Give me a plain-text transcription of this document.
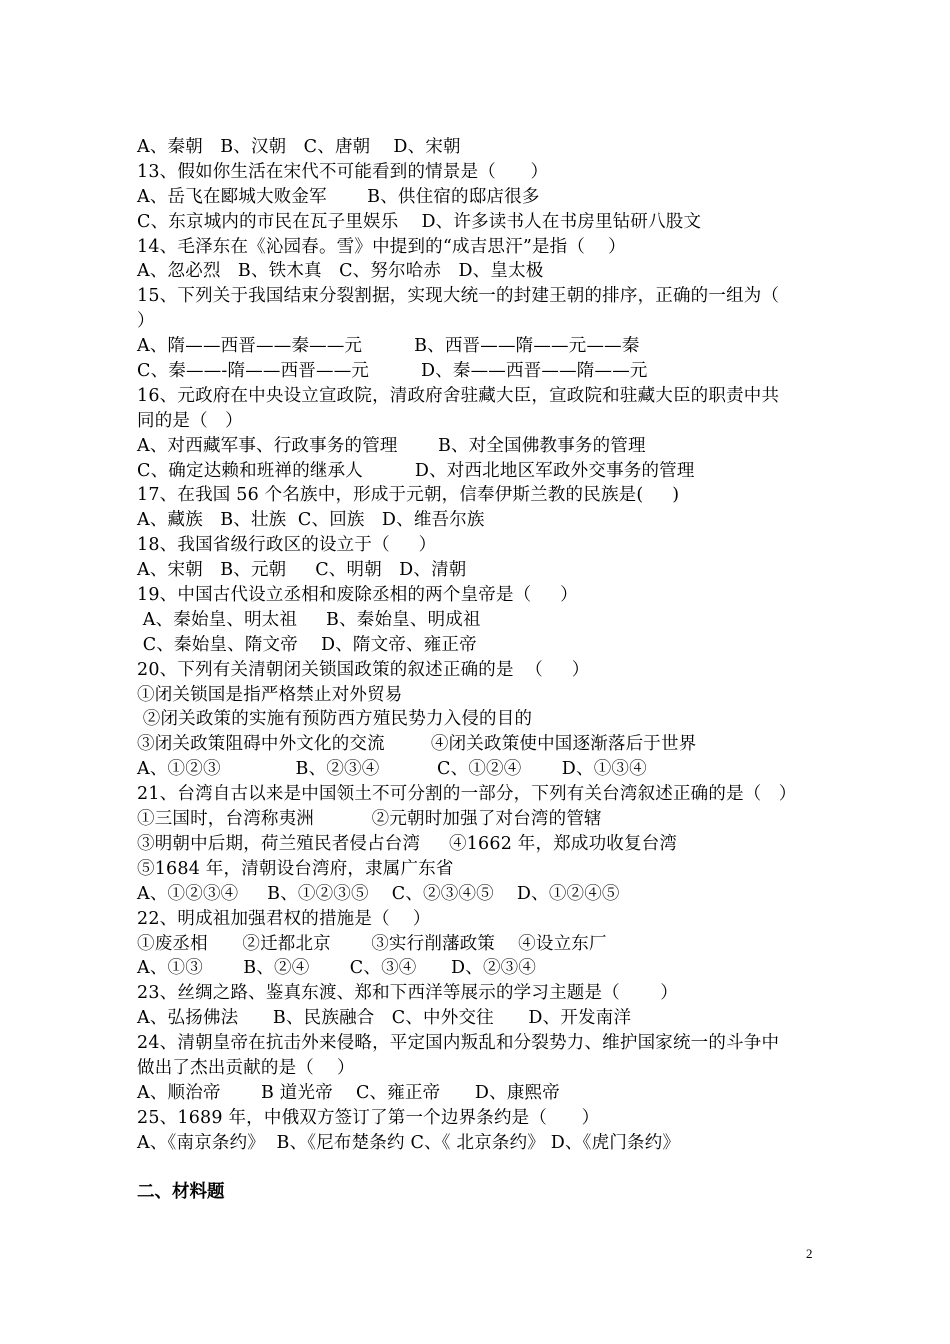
A、秦朝   B、汉朝   C、唐朝    D、宋朝
13、假如你生活在宋代不可能看到的情景是（      ）
A、岳飞在郾城大败金军       B、供住宿的邸店很多
C、东京城内的市民在瓦子里娱乐    D、许多读书人在书房里钻研八股文
14、毛泽东在《沁园春。雪》中提到的“成吉思汗”是指（    ）
A、忽必烈   B、铁木真   C、努尔哈赤   D、皇太极
15、下列关于我国结束分裂割据，实现大统一的封建王朝的排序，正确的一组为（
）
A、隋——西晋——秦——元         B、西晋——隋——元——秦
C、秦——-隋——西晋——元         D、秦——西晋——隋——元
16、元政府在中央设立宣政院，清政府舍驻藏大臣，宣政院和驻藏大臣的职责中共
同的是（   ）
A、对西藏军事、行政事务的管理       B、对全国佛教事务的管理
C、确定达赖和班禅的继承人         D、对西北地区军政外交事务的管理
17、在我国 56 个名族中，形成于元朝，信奉伊斯兰教的民族是(     )
A、藏族   B、壮族  C、回族   D、维吾尔族
18、我国省级行政区的设立于（     ）
A、宋朝   B、元朝     C、明朝   D、清朝
19、中国古代设立丞相和废除丞相的两个皇帝是（     ）
A、秦始皇、明太祖     B、秦始皇、明成祖
C、秦始皇、隋文帝    D、隋文帝、雍正帝
20、下列有关清朝闭关锁国政策的叙述正确的是  （     ）
①闭关锁国是指严格禁止对外贸易
②闭关政策的实施有预防西方殖民势力入侵的目的
③闭关政策阻碍中外文化的交流        ④闭关政策使中国逐渐落后于世界
A、①②③             B、②③④          C、①②④       D、①③④
21、台湾自古以来是中国领土不可分割的一部分，下列有关台湾叙述正确的是（   ）
①三国时，台湾称夷洲          ②元朝时加强了对台湾的管辖
③明朝中后期，荷兰殖民者侵占台湾     ④1662 年，郑成功收复台湾
⑤1684 年，清朝设台湾府，隶属广东省
A、①②③④     B、①②③⑤    C、②③④⑤    D、①②④⑤
22、明成祖加强君权的措施是（    ）
①废丞相      ②迁都北京       ③实行削藩政策    ④设立东厂
A、①③       B、②④       C、③④      D、②③④
23、丝绸之路、鉴真东渡、郑和下西洋等展示的学习主题是（       ）
A、弘扬佛法      B、民族融合   C、中外交往      D、开发南洋
24、清朝皇帝在抗击外来侵略，平定国内叛乱和分裂势力、维护国家统一的斗争中
做出了杰出贡献的是（    ）
A、顺治帝       B 道光帝    C、雍正帝      D、康熙帝
25、1689 年，中俄双方签订了第一个边界条约是（      ）
A、《南京条约》  B、《尼布楚条约 C、《 北京条约》 D、《虎门条约》
二、材料题
2
